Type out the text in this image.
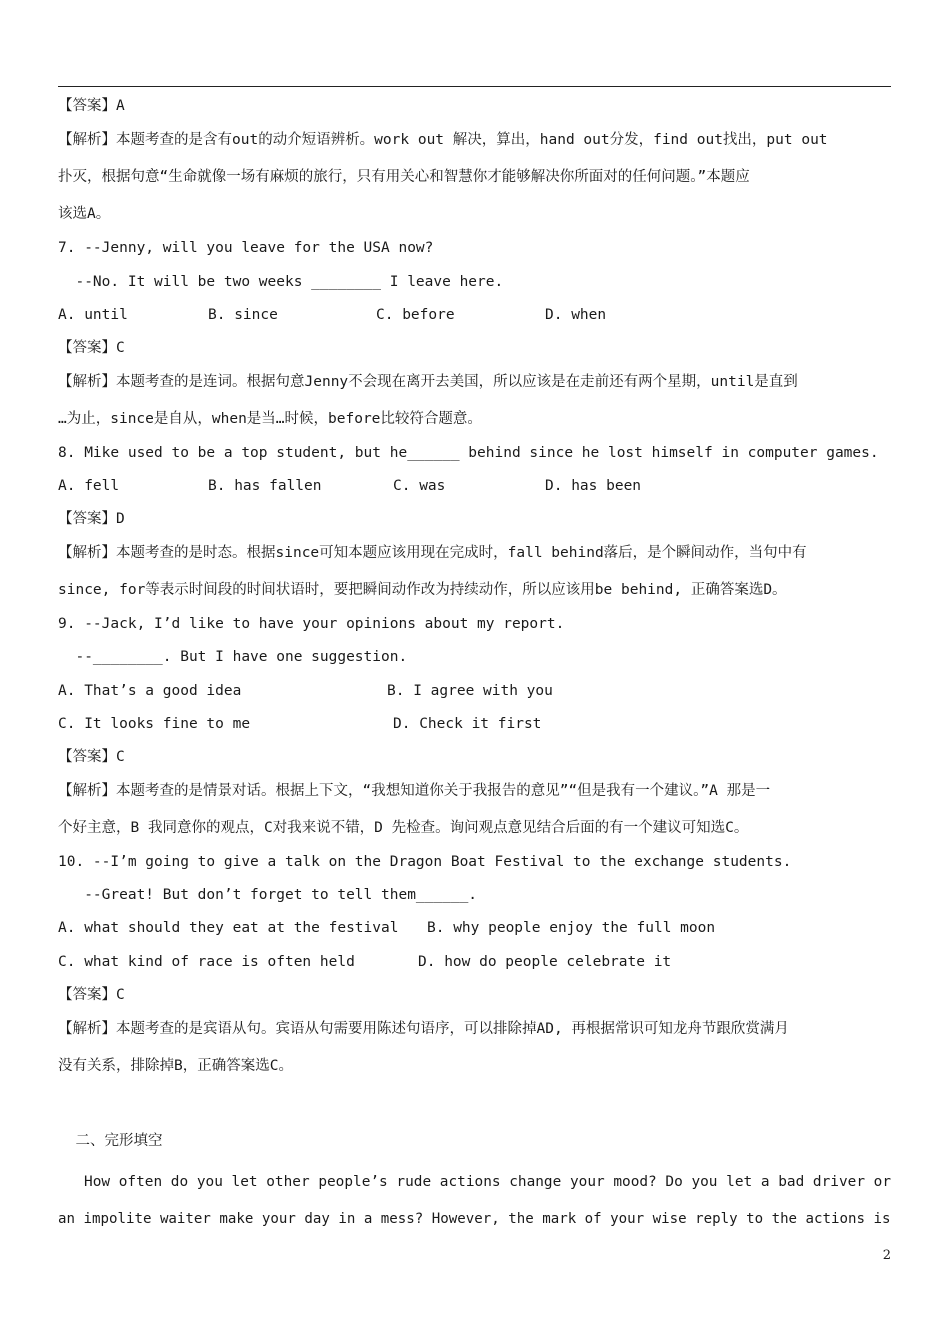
【答案】A
【解析】本题考查的是含有out的动介短语辨析。work out 解决，算出，hand out分发，find out找出，put out
扑灭，根据句意“生命就像一场有麻烦的旅行，只有用关心和智慧你才能够解决你所面对的任何问题。”本题应
该选A。
7. --Jenny, will you leave for the USA now?
--No. It will be two weeks ________ I leave here.
【答案】C
【解析】本题考查的是连词。根据句意Jenny不会现在离开去美国，所以应该是在走前还有两个星期，until是直到
…为止，since是自从，when是当…时候，before比较符合题意。
8. Mike used to be a top student, but he______ behind since he lost himself in computer games.
【答案】D
【解析】本题考查的是时态。根据since可知本题应该用现在完成时，fall behind落后，是个瞬间动作，当句中有
since, for等表示时间段的时间状语时，要把瞬间动作改为持续动作，所以应该用be behind, 正确答案选D。
9. --Jack, I’d like to have your opinions about my report.
--________. But I have one suggestion.
【答案】C
【解析】本题考查的是情景对话。根据上下文，“我想知道你关于我报告的意见”“但是我有一个建议。”A 那是一
个好主意，B 我同意你的观点，C对我来说不错，D 先检查。询问观点意见结合后面的有一个建议可知选C。
10. --I’m going to give a talk on the Dragon Boat Festival to the exchange students.
--Great! But don’t forget to tell them______.
【答案】C
【解析】本题考查的是宾语从句。宾语从句需要用陈述句语序，可以排除掉AD, 再根据常识可知龙舟节跟欣赏满月
没有关系，排除掉B，正确答案选C。
二、完形填空
How often do you let other people’s rude actions change your mood? Do you let a bad driver or
an impolite waiter make your day in a mess? However, the mark of your wise reply to the actions is
A. until	B. since	C. before	D. when
A. fell	B. has fallen	C. was	D. has been
A. That’s a good idea	B. I agree with you
C. It looks fine to me	D. Check it first
A. what should they eat at the festival B. why people enjoy the full moon
C. what kind of race is often held	D. how do people celebrate it
2
